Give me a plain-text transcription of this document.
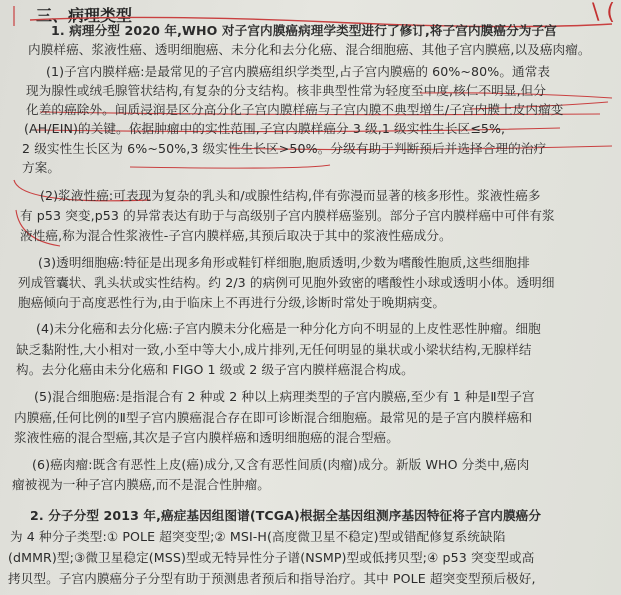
三、病理类型	\ (
1. 病理分型 2020 年,WHO 对子宫内膜癌病理学类型进行了修订,将子宫内膜癌分为子宫
内膜样癌、浆液性癌、透明细胞癌、未分化和去分化癌、混合细胞癌、其他子宫内膜癌,以及癌肉瘤。
(1)子宫内膜样癌:是最常见的子宫内膜癌组织学类型,占子宫内膜癌的 60%~80%。通常表
现为腺性或绒毛腺管状结构,有复杂的分支结构。核非典型性常为轻度至中度,核仁不明显,但分
化差的癌除外。间质浸润是区分高分化子宫内膜样癌与子宫内膜不典型增生/子宫内膜上皮内瘤变
(AH/EIN)的关键。依据肿瘤中的实性范围,子宫内膜样癌分 3 级,1 级实性生长区≤5%,
2 级实性生长区为 6%~50%,3 级实性生长区>50%。分级有助于判断预后并选择合理的治疗
方案。
(2)浆液性癌:可表现为复杂的乳头和/或腺性结构,伴有弥漫而显著的核多形性。浆液性癌多
有 p53 突变,p53 的异常表达有助于与高级别子宫内膜样癌鉴别。部分子宫内膜样癌中可伴有浆
液性癌,称为混合性浆液性-子宫内膜样癌,其预后取决于其中的浆液性癌成分。
(3)透明细胞癌:特征是出现多角形或鞋钉样细胞,胞质透明,少数为嗜酸性胞质,这些细胞排
列成管囊状、乳头状或实性结构。约 2/3 的病例可见胞外致密的嗜酸性小球或透明小体。透明细
胞癌倾向于高度恶性行为,由于临床上不再进行分级,诊断时常处于晚期病变。
(4)未分化癌和去分化癌:子宫内膜未分化癌是一种分化方向不明显的上皮性恶性肿瘤。细胞
缺乏黏附性,大小相对一致,小至中等大小,成片排列,无任何明显的巢状或小梁状结构,无腺样结
构。去分化癌由未分化癌和 FIGO 1 级或 2 级子宫内膜样癌混合构成。
(5)混合细胞癌:是指混合有 2 种或 2 种以上病理类型的子宫内膜癌,至少有 1 种是Ⅱ型子宫
内膜癌,任何比例的Ⅱ型子宫内膜癌混合存在即可诊断混合细胞癌。最常见的是子宫内膜样癌和
浆液性癌的混合型癌,其次是子宫内膜样癌和透明细胞癌的混合型癌。
(6)癌肉瘤:既含有恶性上皮(癌)成分,又含有恶性间质(肉瘤)成分。新版 WHO 分类中,癌肉
瘤被视为一种子宫内膜癌,而不是混合性肿瘤。
2. 分子分型 2013 年,癌症基因组图谱(TCGA)根据全基因组测序基因特征将子宫内膜癌分
为 4 种分子类型:① POLE 超突变型;② MSI-H(高度微卫星不稳定)型或错配修复系统缺陷
(dMMR)型;③微卫星稳定(MSS)型或无特异性分子谱(NSMP)型或低拷贝型;④ p53 突变型或高
拷贝型。子宫内膜癌分子分型有助于预测患者预后和指导治疗。其中 POLE 超突变型预后极好,
